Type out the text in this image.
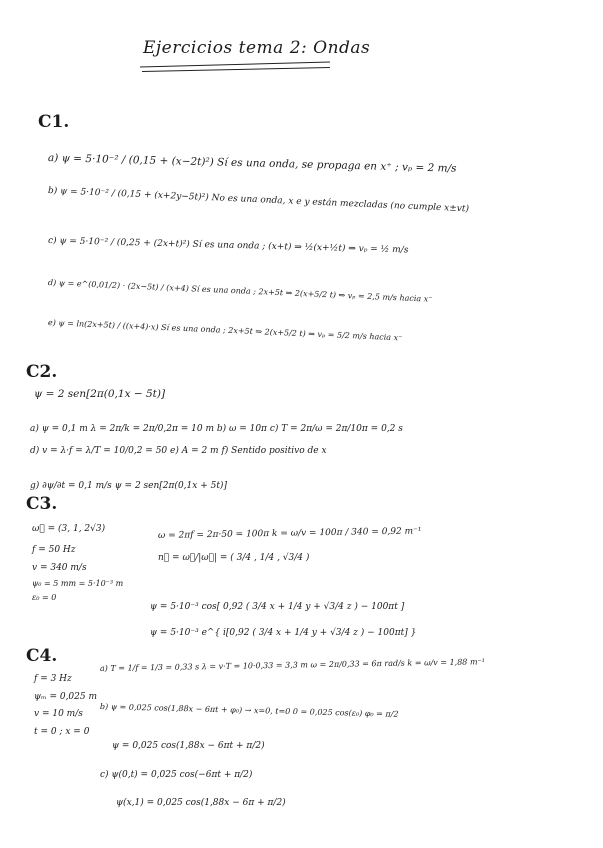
Ejercicios tema 2: Ondas
C1.
a) ψ = 5·10⁻² / (0,15 + (x−2t)²) Sí es una onda, se propaga en x⁺ ; vₚ = 2 m/s
b) ψ = 5·10⁻² / (0,15 + (x+2y−5t)²) No es una onda, x e y están mezcladas (no cumple x±vt)
c) ψ = 5·10⁻² / (0,25 + (2x+t)²) Sí es una onda ; (x+t) ⇒ ½(x+½t) ⇒ vₚ = ½ m/s
d) ψ = e^(0,01/2) · (2x−5t) / (x+4) Sí es una onda ; 2x+5t ⇒ 2(x+5/2 t) ⇒ vₚ = 2,5 m/s hacia x⁻
e) ψ = ln(2x+5t) / ((x+4)·x) Sí es una onda ; 2x+5t ⇒ 2(x+5/2 t) ⇒ vₚ = 5/2 m/s hacia x⁻
C2.
ψ = 2 sen[2π(0,1x − 5t)]
a) ψ = 0,1 m λ = 2π/k = 2π/0,2π = 10 m b) ω = 10π c) T = 2π/ω = 2π/10π = 0,2 s
d) v = λ·f = λ/T = 10/0,2 = 50 e) A = 2 m f) Sentido positivo de x
g) ∂ψ/∂t = 0,1 m/s ψ = 2 sen[2π(0,1x + 5t)]
C3.
ω⃗ = (3, 1, 2√3)
f = 50 Hz
v = 340 m/s
ψ₀ = 5 mm = 5·10⁻³ m
ε₀ = 0
ω = 2πf = 2π·50 = 100π k = ω/v = 100π / 340 = 0,92 m⁻¹
n⃗ = ω⃗/|ω⃗| = ( 3/4 , 1/4 , √3/4 )
ψ = 5·10⁻³ cos[ 0,92 ( 3/4 x + 1/4 y + √3/4 z ) − 100πt ]
ψ = 5·10⁻³ e^{ i[0,92 ( 3/4 x + 1/4 y + √3/4 z ) − 100πt] }
C4.
f = 3 Hz
ψₘ = 0,025 m
v = 10 m/s
t = 0 ; x = 0
a) T = 1/f = 1/3 = 0,33 s λ = v·T = 10·0,33 = 3,3 m ω = 2π/0,33 = 6π rad/s k = ω/v = 1,88 m⁻¹
b) ψ = 0,025 cos(1,88x − 6πt + φ₀) → x=0, t=0 0 = 0,025 cos(ε₀) φ₀ = π/2
ψ = 0,025 cos(1,88x − 6πt + π/2)
c) ψ(0,t) = 0,025 cos(−6πt + π/2)
ψ(x,1) = 0,025 cos(1,88x − 6π + π/2)
